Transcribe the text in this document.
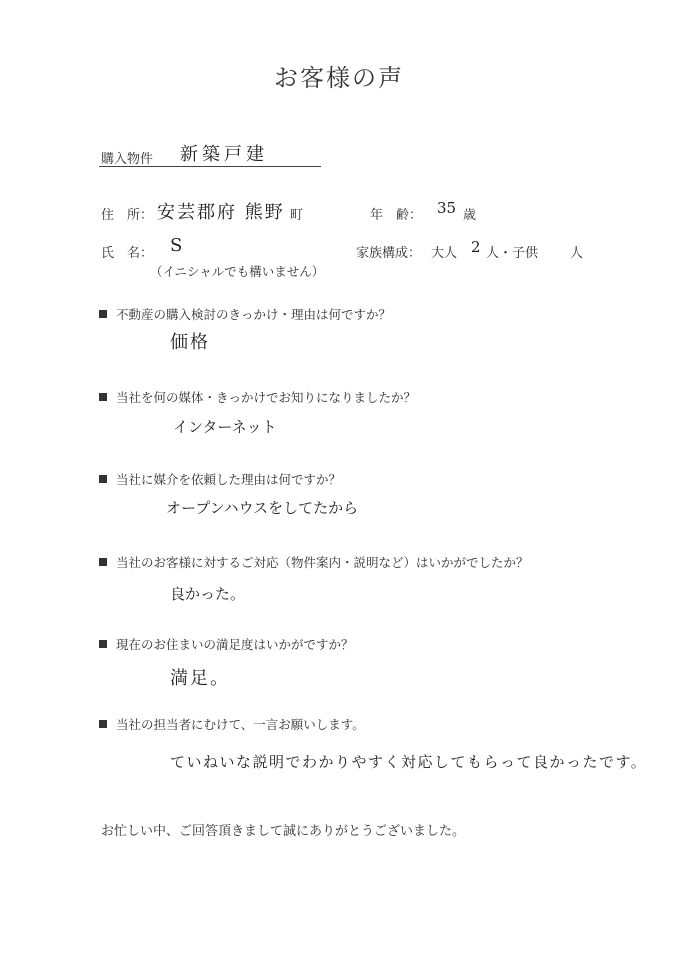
お客様の声
購入物件 新築戸建
住　所： 安芸郡府 熊野 町	年　齢： 35 歳
氏　名： S
（イニシャルでも構いません）
家族構成： 大人 2 人・子供 人
不動産の購入検討のきっかけ・理由は何ですか？
価格
当社を何の媒体・きっかけでお知りになりましたか？
インターネット
当社に媒介を依頼した理由は何ですか？
オープンハウスをしてたから
当社のお客様に対するご対応（物件案内・説明など）はいかがでしたか？
良かった。
現在のお住まいの満足度はいかがですか？
満足。
当社の担当者にむけて、一言お願いします。
ていねいな説明でわかりやすく対応してもらって良かったです。
お忙しい中、ご回答頂きまして誠にありがとうございました。
